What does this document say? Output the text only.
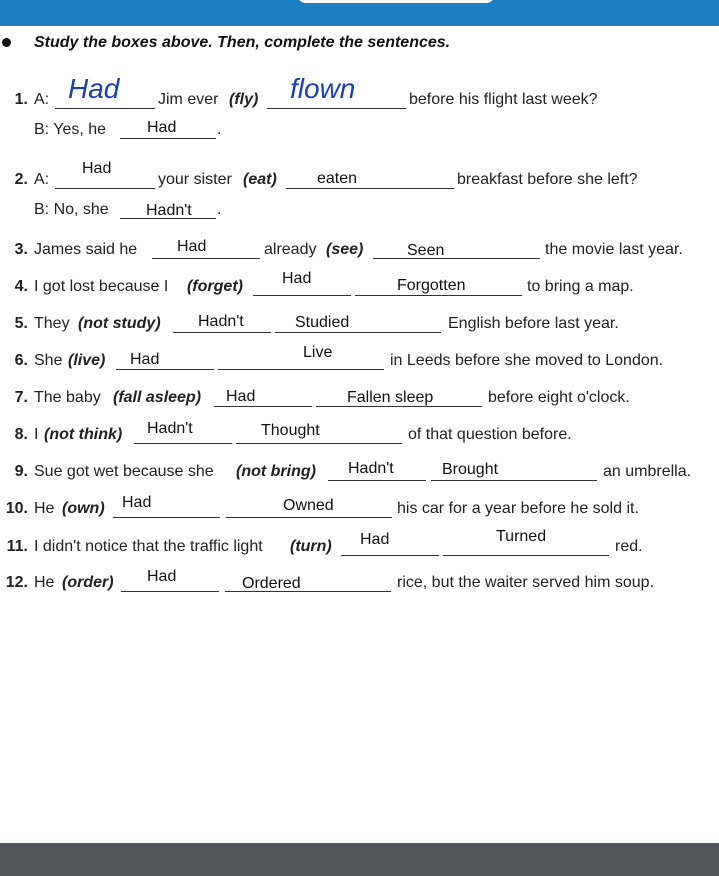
Study the boxes above. Then, complete the sentences.
1. A: Had Jim ever (fly) flown	before his flight last week?
B: Yes, he	Had	.
2. A:
Had
your sister (eat)	eaten	breakfast before she left?
B: No, she Hadn't .
3. James said he Had	already (see)	Seen	the movie last year.
4. I got lost because I (forget) Had	Forgotten	to bring a map.
5. They (not study) Hadn't	Studied	English before last year.
6. She (live) Had	Live	in Leeds before she moved to London.
7. The baby (fall asleep) Had	Fallen sleep	before eight o'clock.
8. I (not think) Hadn't	Thought	of that question before.
9. Sue got wet because she (not bring) Hadn't	Brought	an umbrella.
10. He (own) Had	Owned	his car for a year before he sold it.
11. I didn't notice that the traffic light (turn) Had	Turned
red.
12. He (order) Had	Ordered	rice, but the waiter served him soup.
